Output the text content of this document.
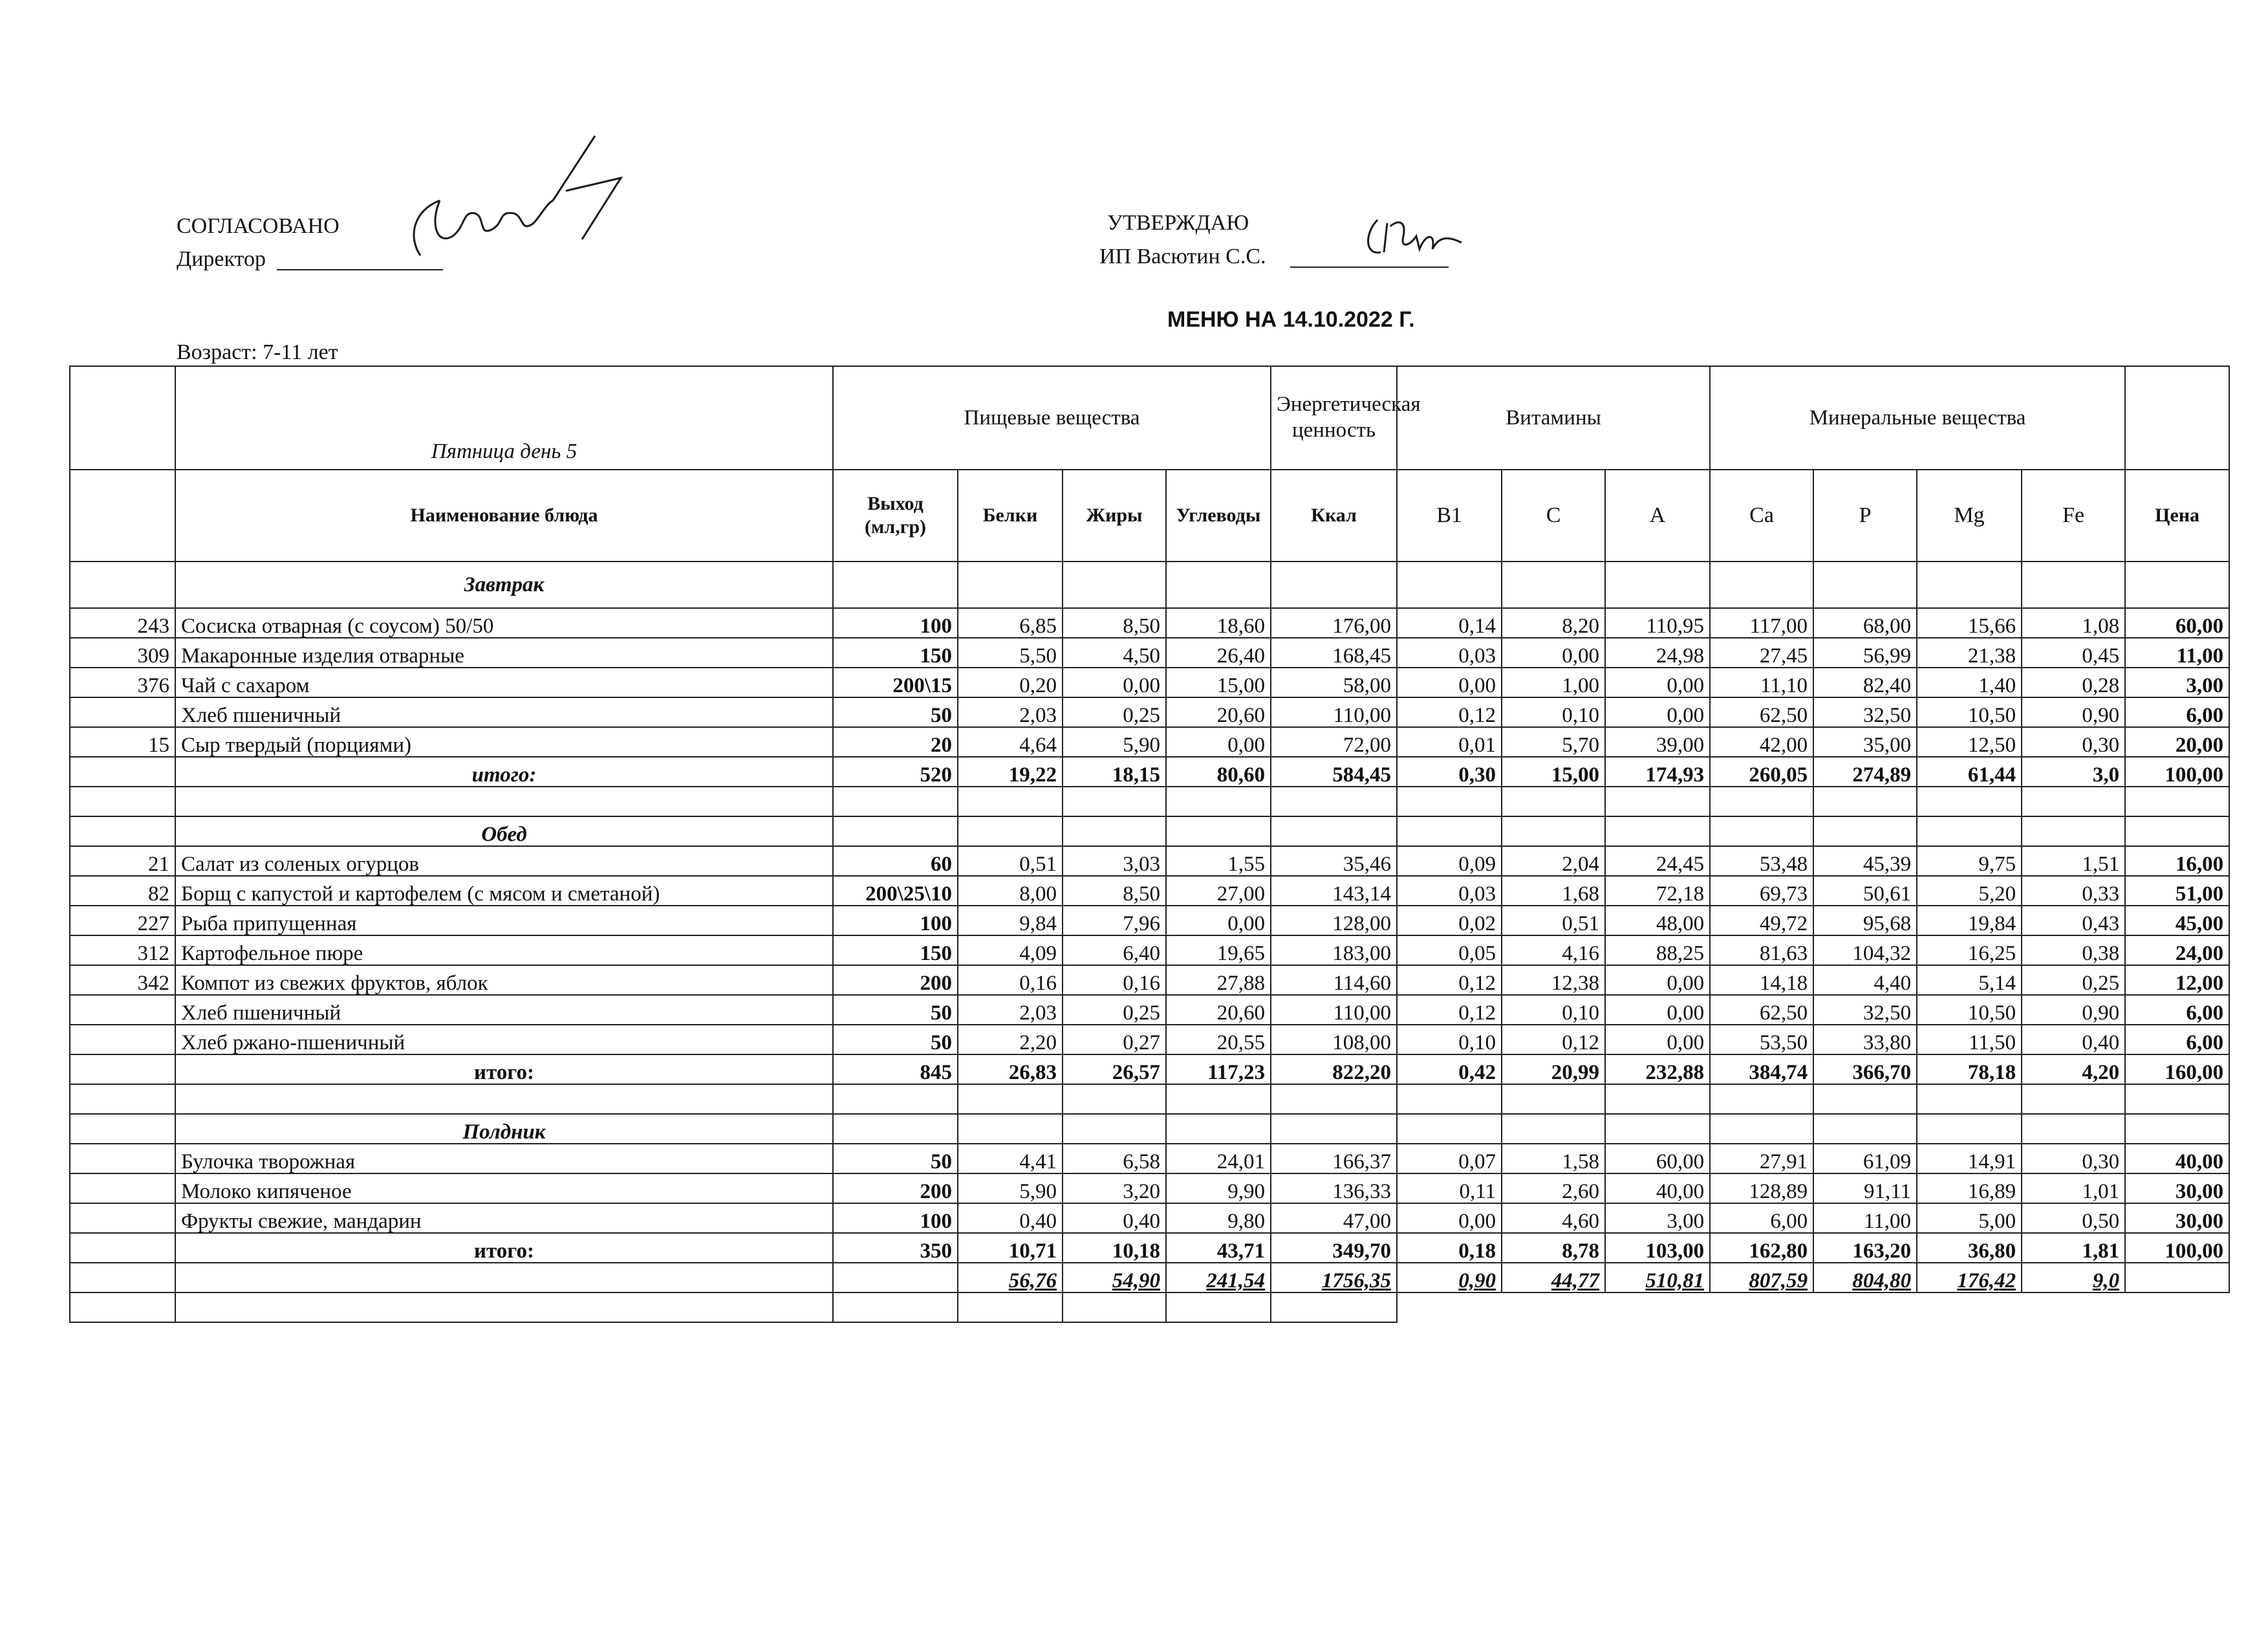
СОГЛАСОВАНО
Директор
УТВЕРЖДАЮ
ИП Васютин С.С.
МЕНЮ НА 14.10.2022 Г.
Возраст: 7-11 лет
	Пятница день 5	Пищевые вещества				Энергетическая ценность	Витамины			Минеральные вещества				
	Наименование блюда	Выход (мл,гр)	Белки	Жиры	Углеводы	Ккал	B1	C	A	Ca	P	Mg	Fe	Цена
	Завтрак													
243	Сосиска отварная (с соусом) 50/50	100	6,85	8,50	18,60	176,00	0,14	8,20	110,95	117,00	68,00	15,66	1,08	60,00
309	Макаронные изделия отварные	150	5,50	4,50	26,40	168,45	0,03	0,00	24,98	27,45	56,99	21,38	0,45	11,00
376	Чай с сахаром	200\15	0,20	0,00	15,00	58,00	0,00	1,00	0,00	11,10	82,40	1,40	0,28	3,00
	Хлеб пшеничный	50	2,03	0,25	20,60	110,00	0,12	0,10	0,00	62,50	32,50	10,50	0,90	6,00
15	Сыр твердый (порциями)	20	4,64	5,90	0,00	72,00	0,01	5,70	39,00	42,00	35,00	12,50	0,30	20,00
	итого:	520	19,22	18,15	80,60	584,45	0,30	15,00	174,93	260,05	274,89	61,44	3,0	100,00

	Обед													
21	Салат из соленых огурцов	60	0,51	3,03	1,55	35,46	0,09	2,04	24,45	53,48	45,39	9,75	1,51	16,00
82	Борщ с капустой и картофелем (с мясом и сметаной)	200\25\10	8,00	8,50	27,00	143,14	0,03	1,68	72,18	69,73	50,61	5,20	0,33	51,00
227	Рыба припущенная	100	9,84	7,96	0,00	128,00	0,02	0,51	48,00	49,72	95,68	19,84	0,43	45,00
312	Картофельное пюре	150	4,09	6,40	19,65	183,00	0,05	4,16	88,25	81,63	104,32	16,25	0,38	24,00
342	Компот из свежих фруктов, яблок	200	0,16	0,16	27,88	114,60	0,12	12,38	0,00	14,18	4,40	5,14	0,25	12,00
	Хлеб пшеничный	50	2,03	0,25	20,60	110,00	0,12	0,10	0,00	62,50	32,50	10,50	0,90	6,00
	Хлеб ржано-пшеничный	50	2,20	0,27	20,55	108,00	0,10	0,12	0,00	53,50	33,80	11,50	0,40	6,00
	итого:	845	26,83	26,57	117,23	822,20	0,42	20,99	232,88	384,74	366,70	78,18	4,20	160,00

	Полдник													
	Булочка творожная	50	4,41	6,58	24,01	166,37	0,07	1,58	60,00	27,91	61,09	14,91	0,30	40,00
	Молоко кипяченое	200	5,90	3,20	9,90	136,33	0,11	2,60	40,00	128,89	91,11	16,89	1,01	30,00
	Фрукты свежие, мандарин	100	0,40	0,40	9,80	47,00	0,00	4,60	3,00	6,00	11,00	5,00	0,50	30,00
	итого:	350	10,71	10,18	43,71	349,70	0,18	8,78	103,00	162,80	163,20	36,80	1,81	100,00
			56,76	54,90	241,54	1756,35	0,90	44,77	510,81	807,59	804,80	176,42	9,0	
